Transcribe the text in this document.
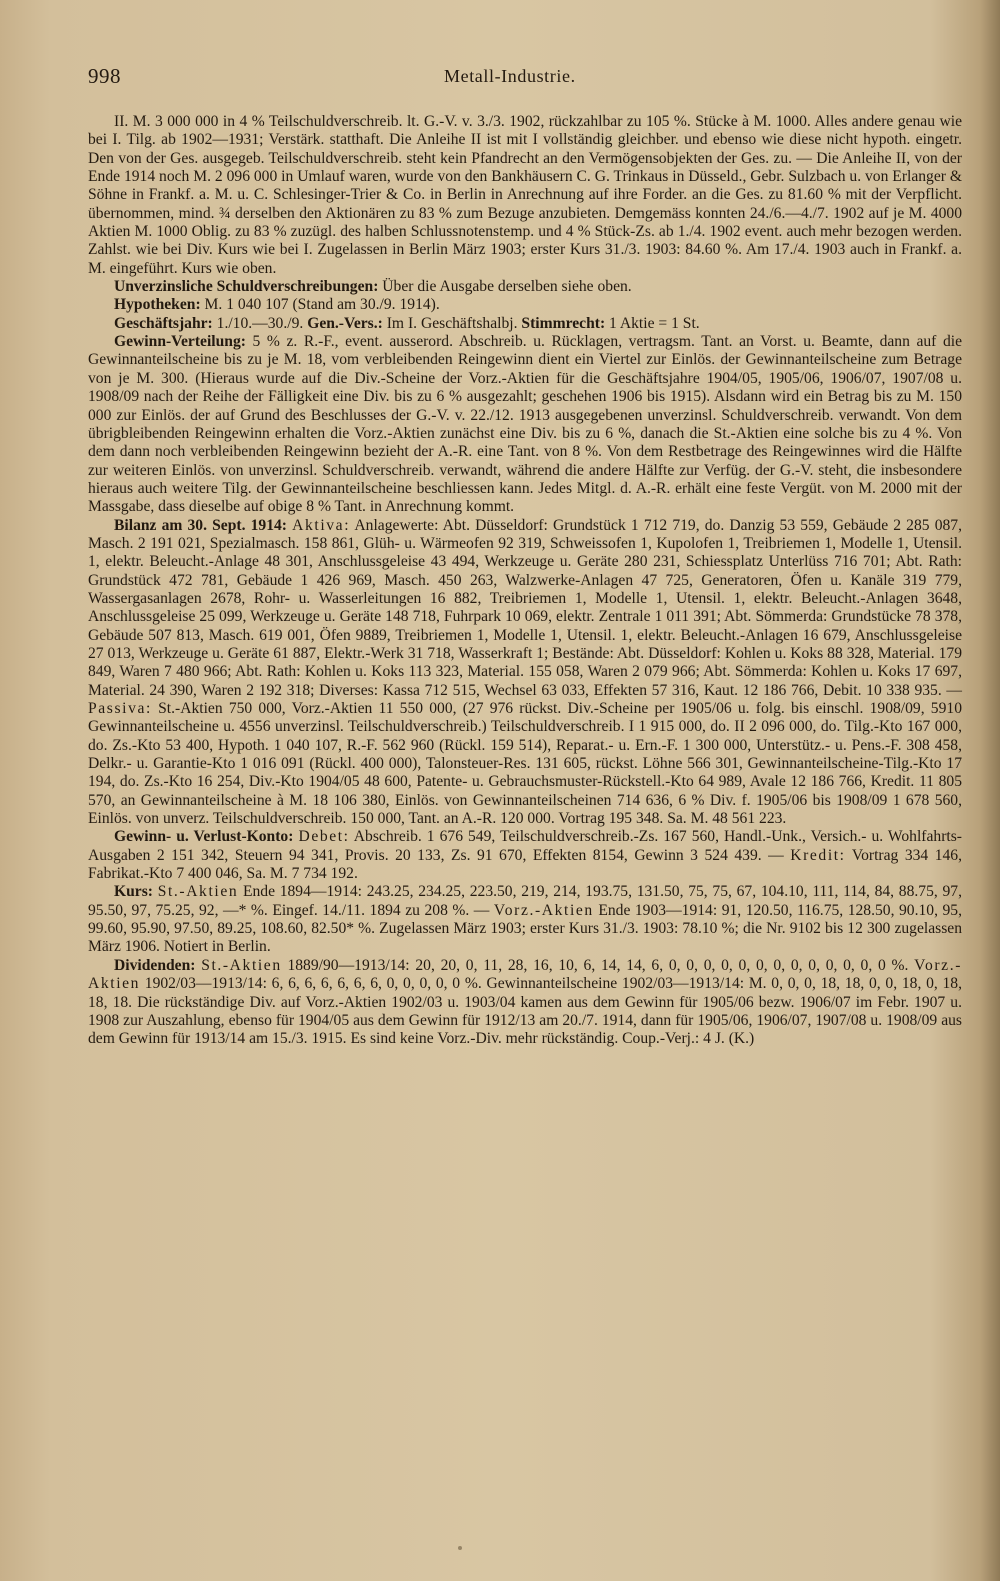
998	Metall-Industrie.

II. M. 3 000 000 in 4 % Teilschuldverschreib. lt. G.-V. v. 3./3. 1902, rückzahlbar zu 105 %. Stücke à M. 1000. Alles andere genau wie bei I. Tilg. ab 1902—1931; Verstärk. statthaft. Die Anleihe II ist mit I vollständig gleichber. und ebenso wie diese nicht hypoth. eingetr. Den von der Ges. ausgegeb. Teilschuldverschreib. steht kein Pfandrecht an den Vermögensobjekten der Ges. zu. — Die Anleihe II, von der Ende 1914 noch M. 2 096 000 in Umlauf waren, wurde von den Bankhäusern C. G. Trinkaus in Düsseld., Gebr. Sulzbach u. von Erlanger & Söhne in Frankf. a. M. u. C. Schlesinger-Trier & Co. in Berlin in Anrechnung auf ihre Forder. an die Ges. zu 81.60 % mit der Verpflicht. übernommen, mind. ¾ derselben den Aktionären zu 83 % zum Bezuge anzubieten. Demgemäss konnten 24./6.—4./7. 1902 auf je M. 4000 Aktien M. 1000 Oblig. zu 83 % zuzügl. des halben Schlussnotenstemp. und 4 % Stück-Zs. ab 1./4. 1902 event. auch mehr bezogen werden. Zahlst. wie bei Div. Kurs wie bei I. Zugelassen in Berlin März 1903; erster Kurs 31./3. 1903: 84.60 %. Am 17./4. 1903 auch in Frankf. a. M. eingeführt. Kurs wie oben.

Unverzinsliche Schuldverschreibungen: Über die Ausgabe derselben siehe oben.

Hypotheken: M. 1 040 107 (Stand am 30./9. 1914).

Geschäftsjahr: 1./10.—30./9. Gen.-Vers.: Im I. Geschäftshalbj. Stimmrecht: 1 Aktie = 1 St.

Gewinn-Verteilung: 5 % z. R.-F., event. ausserord. Abschreib. u. Rücklagen, vertragsm. Tant. an Vorst. u. Beamte, dann auf die Gewinnanteilscheine bis zu je M. 18, vom verbleibenden Reingewinn dient ein Viertel zur Einlös. der Gewinnanteilscheine zum Betrage von je M. 300. (Hieraus wurde auf die Div.-Scheine der Vorz.-Aktien für die Geschäftsjahre 1904/05, 1905/06, 1906/07, 1907/08 u. 1908/09 nach der Reihe der Fälligkeit eine Div. bis zu 6 % ausgezahlt; geschehen 1906 bis 1915). Alsdann wird ein Betrag bis zu M. 150 000 zur Einlös. der auf Grund des Beschlusses der G.-V. v. 22./12. 1913 ausgegebenen unverzinsl. Schuldverschreib. verwandt. Von dem übrigbleibenden Reingewinn erhalten die Vorz.-Aktien zunächst eine Div. bis zu 6 %, danach die St.-Aktien eine solche bis zu 4 %. Von dem dann noch verbleibenden Reingewinn bezieht der A.-R. eine Tant. von 8 %. Von dem Restbetrage des Reingewinnes wird die Hälfte zur weiteren Einlös. von unverzinsl. Schuldverschreib. verwandt, während die andere Hälfte zur Verfüg. der G.-V. steht, die insbesondere hieraus auch weitere Tilg. der Gewinnanteilscheine beschliessen kann. Jedes Mitgl. d. A.-R. erhält eine feste Vergüt. von M. 2000 mit der Massgabe, dass dieselbe auf obige 8 % Tant. in Anrechnung kommt.

Bilanz am 30. Sept. 1914: Aktiva: Anlagewerte: Abt. Düsseldorf: Grundstück 1 712 719, do. Danzig 53 559, Gebäude 2 285 087, Masch. 2 191 021, Spezialmasch. 158 861, Glüh- u. Wärmeofen 92 319, Schweissofen 1, Kupolofen 1, Treibriemen 1, Modelle 1, Utensil. 1, elektr. Beleucht.-Anlage 48 301, Anschlussgeleise 43 494, Werkzeuge u. Geräte 280 231, Schiessplatz Unterlüss 716 701; Abt. Rath: Grundstück 472 781, Gebäude 1 426 969, Masch. 450 263, Walzwerke-Anlagen 47 725, Generatoren, Öfen u. Kanäle 319 779, Wassergasanlagen 2678, Rohr- u. Wasserleitungen 16 882, Treibriemen 1, Modelle 1, Utensil. 1, elektr. Beleucht.-Anlagen 3648, Anschlussgeleise 25 099, Werkzeuge u. Geräte 148 718, Fuhrpark 10 069, elektr. Zentrale 1 011 391; Abt. Sömmerda: Grundstücke 78 378, Gebäude 507 813, Masch. 619 001, Öfen 9889, Treibriemen 1, Modelle 1, Utensil. 1, elektr. Beleucht.-Anlagen 16 679, Anschlussgeleise 27 013, Werkzeuge u. Geräte 61 887, Elektr.-Werk 31 718, Wasserkraft 1; Bestände: Abt. Düsseldorf: Kohlen u. Koks 88 328, Material. 179 849, Waren 7 480 966; Abt. Rath: Kohlen u. Koks 113 323, Material. 155 058, Waren 2 079 966; Abt. Sömmerda: Kohlen u. Koks 17 697, Material. 24 390, Waren 2 192 318; Diverses: Kassa 712 515, Wechsel 63 033, Effekten 57 316, Kaut. 12 186 766, Debit. 10 338 935. — Passiva: St.-Aktien 750 000, Vorz.-Aktien 11 550 000, (27 976 rückst. Div.-Scheine per 1905/06 u. folg. bis einschl. 1908/09, 5910 Gewinnanteilscheine u. 4556 unverzinsl. Teilschuldverschreib.) Teilschuldverschreib. I 1 915 000, do. II 2 096 000, do. Tilg.-Kto 167 000, do. Zs.-Kto 53 400, Hypoth. 1 040 107, R.-F. 562 960 (Rückl. 159 514), Reparat.- u. Ern.-F. 1 300 000, Unterstütz.- u. Pens.-F. 308 458, Delkr.- u. Garantie-Kto 1 016 091 (Rückl. 400 000), Talonsteuer-Res. 131 605, rückst. Löhne 566 301, Gewinnanteilscheine-Tilg.-Kto 17 194, do. Zs.-Kto 16 254, Div.-Kto 1904/05 48 600, Patente- u. Gebrauchsmuster-Rückstell.-Kto 64 989, Avale 12 186 766, Kredit. 11 805 570, an Gewinnanteilscheine à M. 18 106 380, Einlös. von Gewinnanteilscheinen 714 636, 6 % Div. f. 1905/06 bis 1908/09 1 678 560, Einlös. von unverz. Teilschuldverschreib. 150 000, Tant. an A.-R. 120 000. Vortrag 195 348. Sa. M. 48 561 223.

Gewinn- u. Verlust-Konto: Debet: Abschreib. 1 676 549, Teilschuldverschreib.-Zs. 167 560, Handl.-Unk., Versich.- u. Wohlfahrts-Ausgaben 2 151 342, Steuern 94 341, Provis. 20 133, Zs. 91 670, Effekten 8154, Gewinn 3 524 439. — Kredit: Vortrag 334 146, Fabrikat.-Kto 7 400 046, Sa. M. 7 734 192.

Kurs: St.-Aktien Ende 1894—1914: 243.25, 234.25, 223.50, 219, 214, 193.75, 131.50, 75, 75, 67, 104.10, 111, 114, 84, 88.75, 97, 95.50, 97, 75.25, 92, —* %. Eingef. 14./11. 1894 zu 208 %. — Vorz.-Aktien Ende 1903—1914: 91, 120.50, 116.75, 128.50, 90.10, 95, 99.60, 95.90, 97.50, 89.25, 108.60, 82.50* %. Zugelassen März 1903; erster Kurs 31./3. 1903: 78.10 %; die Nr. 9102 bis 12 300 zugelassen März 1906. Notiert in Berlin.

Dividenden: St.-Aktien 1889/90—1913/14: 20, 20, 0, 11, 28, 16, 10, 6, 14, 14, 6, 0, 0, 0, 0, 0, 0, 0, 0, 0, 0, 0, 0, 0 %. Vorz.-Aktien 1902/03—1913/14: 6, 6, 6, 6, 6, 6, 6, 0, 0, 0, 0, 0 %. Gewinnanteilscheine 1902/03—1913/14: M. 0, 0, 0, 18, 18, 0, 0, 18, 0, 18, 18, 18. Die rückständige Div. auf Vorz.-Aktien 1902/03 u. 1903/04 kamen aus dem Gewinn für 1905/06 bezw. 1906/07 im Febr. 1907 u. 1908 zur Auszahlung, ebenso für 1904/05 aus dem Gewinn für 1912/13 am 20./7. 1914, dann für 1905/06, 1906/07, 1907/08 u. 1908/09 aus dem Gewinn für 1913/14 am 15./3. 1915. Es sind keine Vorz.-Div. mehr rückständig. Coup.-Verj.: 4 J. (K.)
